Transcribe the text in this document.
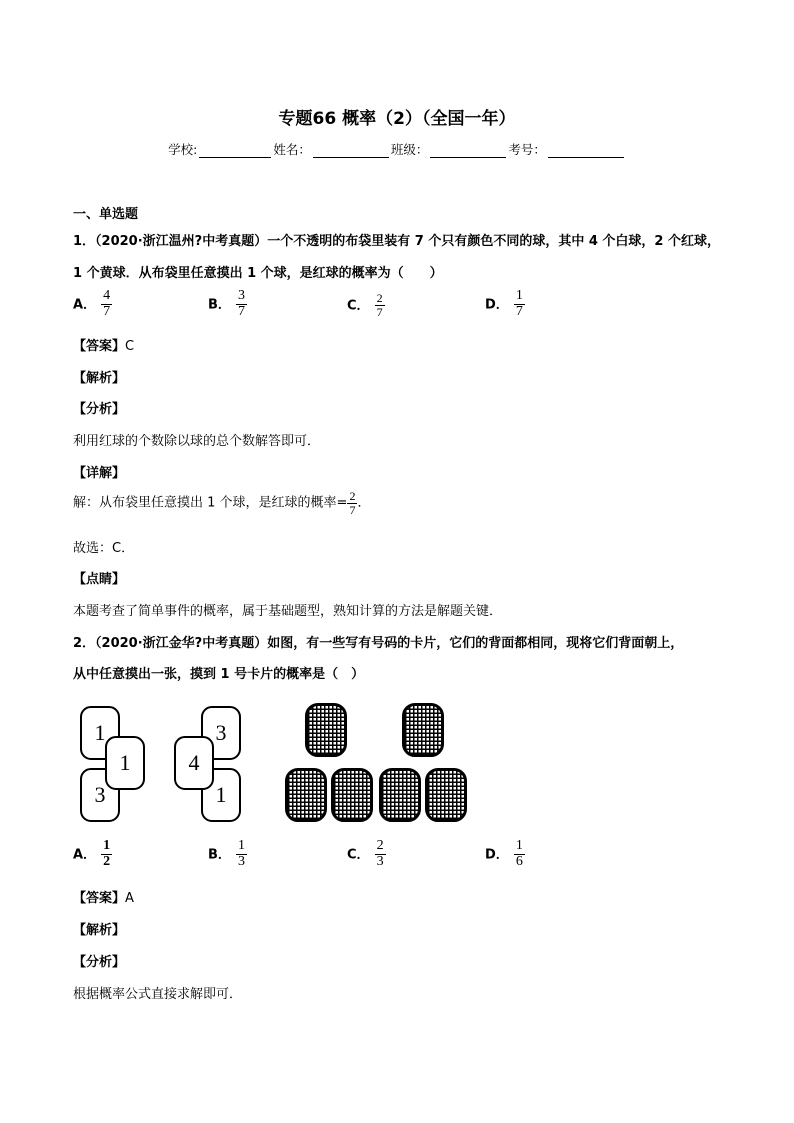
专题66 概率（2）（全国一年）
学校:	姓名：	班级：	考号：
一、单选题
1．（2020·浙江温州?中考真题）一个不透明的布袋里装有 7 个只有颜色不同的球，其中 4 个白球，2 个红球，
1 个黄球．从布袋里任意摸出 1 个球，是红球的概率为（　　）
A． $\frac{4}{7}$	B． $\frac{3}{7}$	C． $\frac{2}{7}$	D． $\frac{1}{7}$
【答案】C
【解析】
【分析】
利用红球的个数除以球的总个数解答即可．
【详解】
解：从布袋里任意摸出 1 个球，是红球的概率= $\frac{2}{7}$ ．
故选：C．
【点睛】
本题考查了简单事件的概率，属于基础题型，熟知计算的方法是解题关键．
2．（2020·浙江金华?中考真题）如图，有一些写有号码的卡片，它们的背面都相同，现将它们背面朝上，
从中任意摸出一张，摸到 1 号卡片的概率是（　）
1
3
1
3
1
4
A． $\frac{1}{2}$	B． $\frac{1}{3}$	C． $\frac{2}{3}$	D． $\frac{1}{6}$
【答案】A
【解析】
【分析】
根据概率公式直接求解即可．
